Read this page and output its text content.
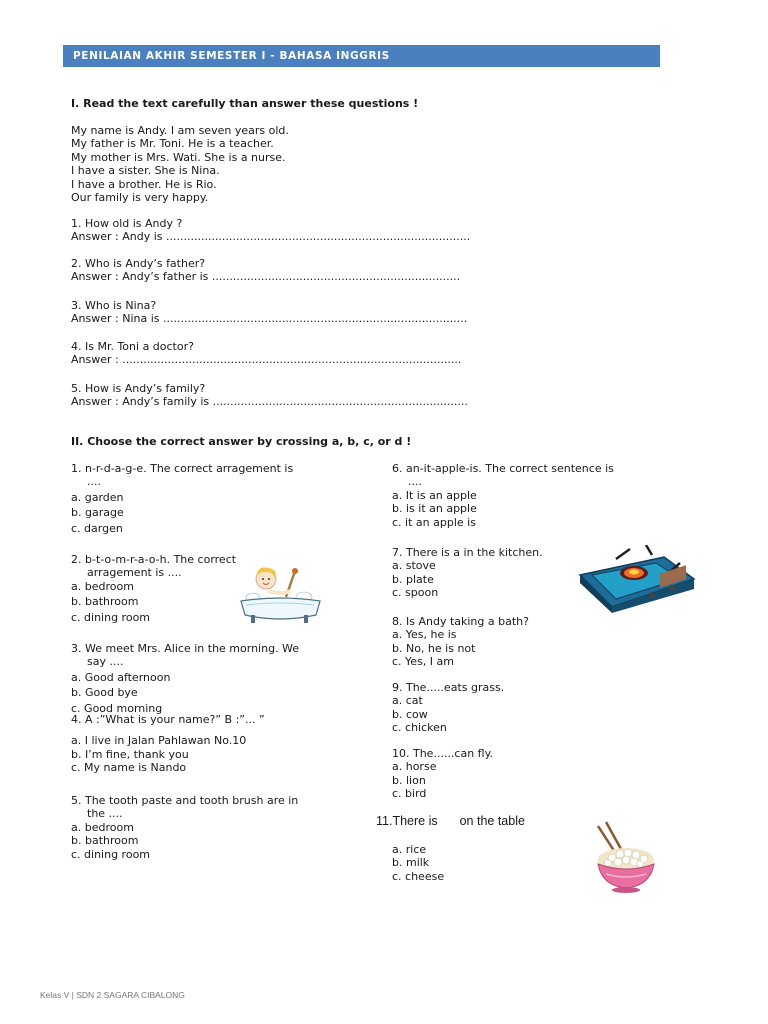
PENILAIAN AKHIR SEMESTER I - BAHASA INGGRIS
I. Read the text carefully than answer these questions !
My name is Andy. I am seven years old.
My father is Mr. Toni. He is a teacher.
My mother is Mrs. Wati. She is a nurse.
I have a sister. She is Nina.
I have a brother. He is Rio.
Our family is very happy.
1. How old is Andy ?
Answer : Andy is .......................................................................................
2. Who is Andy’s father?
Answer : Andy’s father is .......................................................................
3. Who is Nina?
Answer : Nina is .......................................................................................
4. Is Mr. Toni a doctor?
Answer : .................................................................................................
5. How is Andy’s family?
Answer : Andy’s family is .........................................................................
II. Choose the correct answer by crossing a, b, c, or d !
1. n-r-d-a-g-e. The correct arragement is
....
a. garden
b. garage
c. dargen
2. b-t-o-m-r-a-o-h. The correct
arragement is ....
a. bedroom
b. bathroom
c. dining room
3. We meet Mrs. Alice in the morning. We
say ....
a. Good afternoon
b. Good bye
c. Good morning
4. A :”What is your name?” B :”... ”
a. I live in Jalan Pahlawan No.10
b. I’m fine, thank you
c. My name is Nando
5. The tooth paste and tooth brush are in
the ....
a. bedroom
b. bathroom
c. dining room
6. an-it-apple-is. The correct sentence is
....
a. It is an apple
b. is it an apple
c. it an apple is
7. There is a in the kitchen.
a. stove
b. plate
c. spoon
8. Is Andy taking a bath?
a. Yes, he is
b. No, he is not
c. Yes, I am
9. The.....eats grass.
a. cat
b. cow
c. chicken
10. The......can fly.
a. horse
b. lion
c. bird
11.There is on the table
a. rice
b. milk
c. cheese
Kelas V | SDN 2 SAGARA CIBALONG
